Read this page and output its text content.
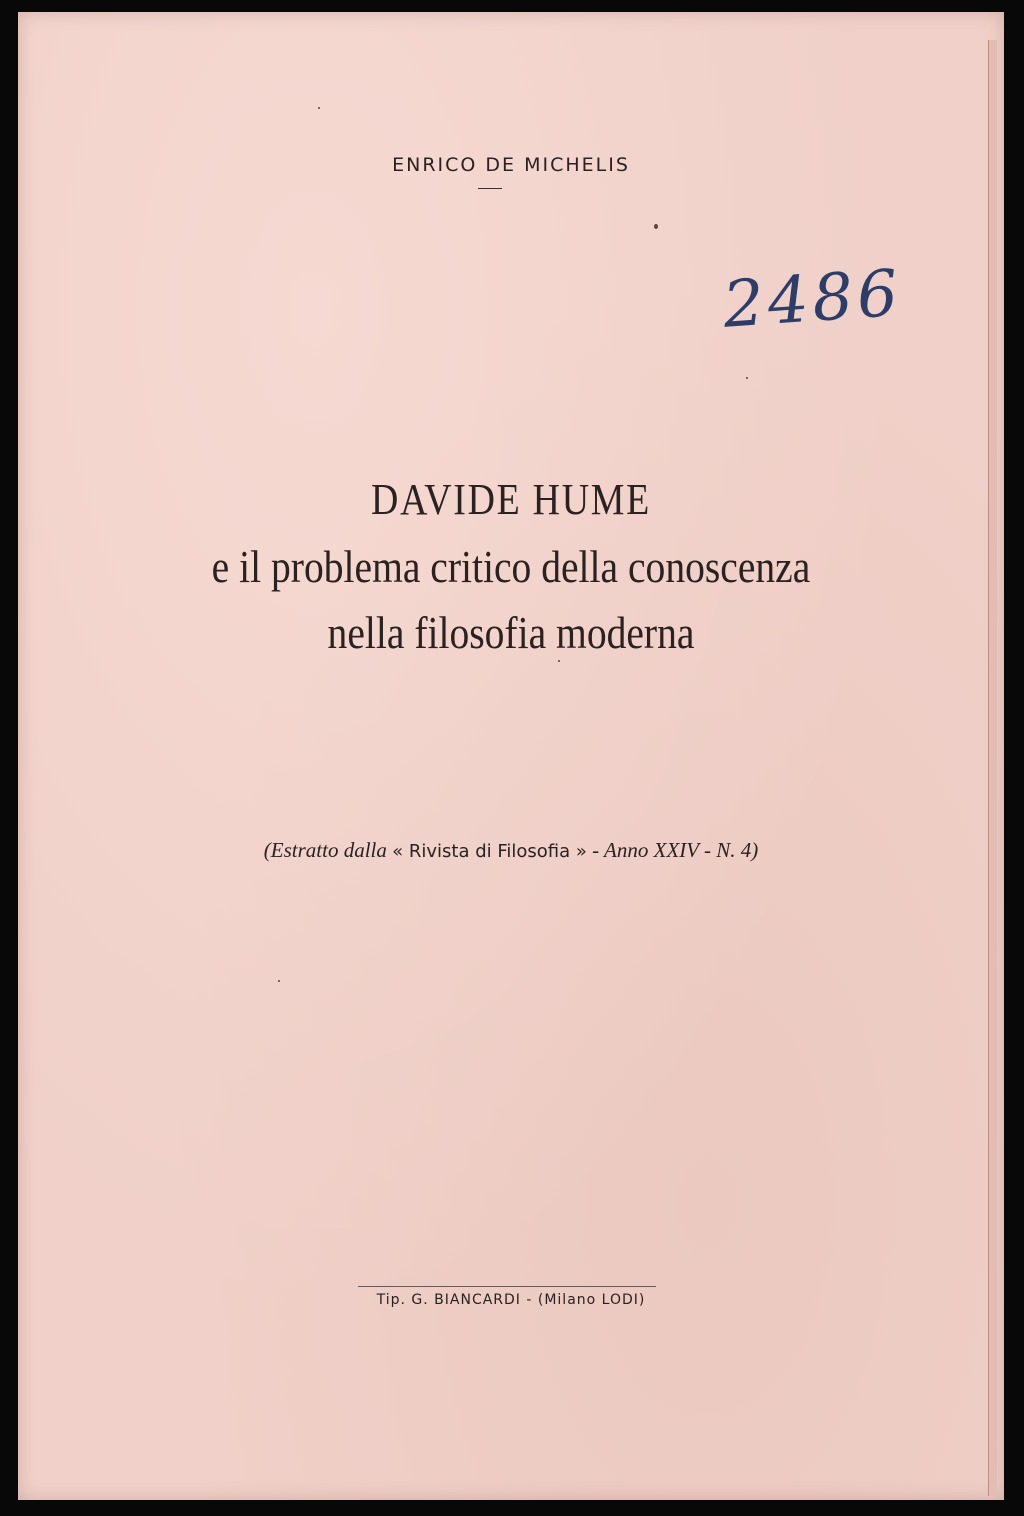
ENRICO DE MICHELIS
2486
DAVIDE HUME
e il problema critico della conoscenza
nella filosofia moderna
(Estratto dalla « Rivista di Filosofia » - Anno XXIV - N. 4)
Tip. G. BIANCARDI - (Milano LODI)
